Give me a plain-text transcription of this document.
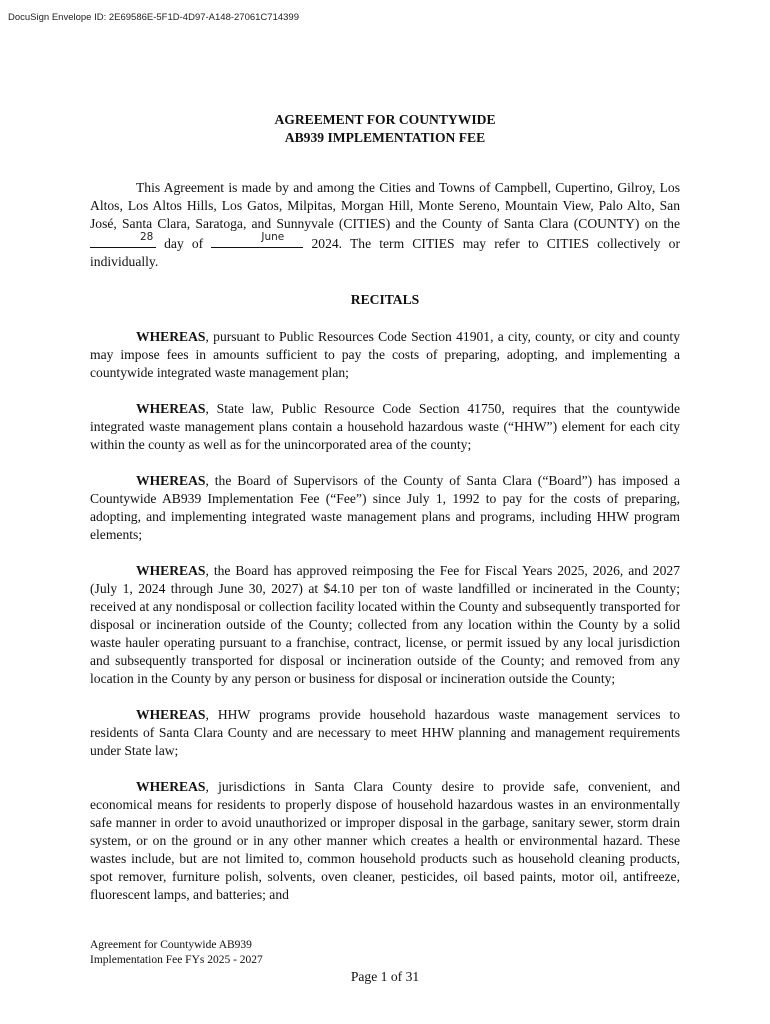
DocuSign Envelope ID: 2E69586E-5F1D-4D97-A148-27061C714399

AGREEMENT FOR COUNTYWIDE
AB939 IMPLEMENTATION FEE

This Agreement is made by and among the Cities and Towns of Campbell, Cupertino, Gilroy, Los Altos, Los Altos Hills, Los Gatos, Milpitas, Morgan Hill, Monte Sereno, Mountain View, Palo Alto, San José, Santa Clara, Saratoga, and Sunnyvale (CITIES) and the County of Santa Clara (COUNTY) on the
28 day of	June 2024. The term CITIES may refer to CITIES collectively or individually.

RECITALS

WHEREAS, pursuant to Public Resources Code Section 41901, a city, county, or city and county may impose fees in amounts sufficient to pay the costs of preparing, adopting, and implementing a countywide integrated waste management plan;

WHEREAS, State law, Public Resource Code Section 41750, requires that the countywide integrated waste management plans contain a household hazardous waste (“HHW”) element for each city within the county as well as for the unincorporated area of the county;

WHEREAS, the Board of Supervisors of the County of Santa Clara (“Board”) has imposed a Countywide AB939 Implementation Fee (“Fee”) since July 1, 1992 to pay for the costs of preparing, adopting, and implementing integrated waste management plans and programs, including HHW program elements;

WHEREAS, the Board has approved reimposing the Fee for Fiscal Years 2025, 2026, and 2027 (July 1, 2024 through June 30, 2027) at $4.10 per ton of waste landfilled or incinerated in the County; received at any nondisposal or collection facility located within the County and subsequently transported for disposal or incineration outside of the County; collected from any location within the County by a solid waste hauler operating pursuant to a franchise, contract, license, or permit issued by any local jurisdiction and subsequently transported for disposal or incineration outside of the County; and removed from any location in the County by any person or business for disposal or incineration outside the County;

WHEREAS, HHW programs provide household hazardous waste management services to residents of Santa Clara County and are necessary to meet HHW planning and management requirements under State law;

WHEREAS, jurisdictions in Santa Clara County desire to provide safe, convenient, and economical means for residents to properly dispose of household hazardous wastes in an environmentally safe manner in order to avoid unauthorized or improper disposal in the garbage, sanitary sewer, storm drain system, or on the ground or in any other manner which creates a health or environmental hazard. These wastes include, but are not limited to, common household products such as household cleaning products, spot remover, furniture polish, solvents, oven cleaner, pesticides, oil based paints, motor oil, antifreeze, fluorescent lamps, and batteries; and

Agreement for Countywide AB939
Implementation Fee FYs 2025 - 2027
Page 1 of 31
